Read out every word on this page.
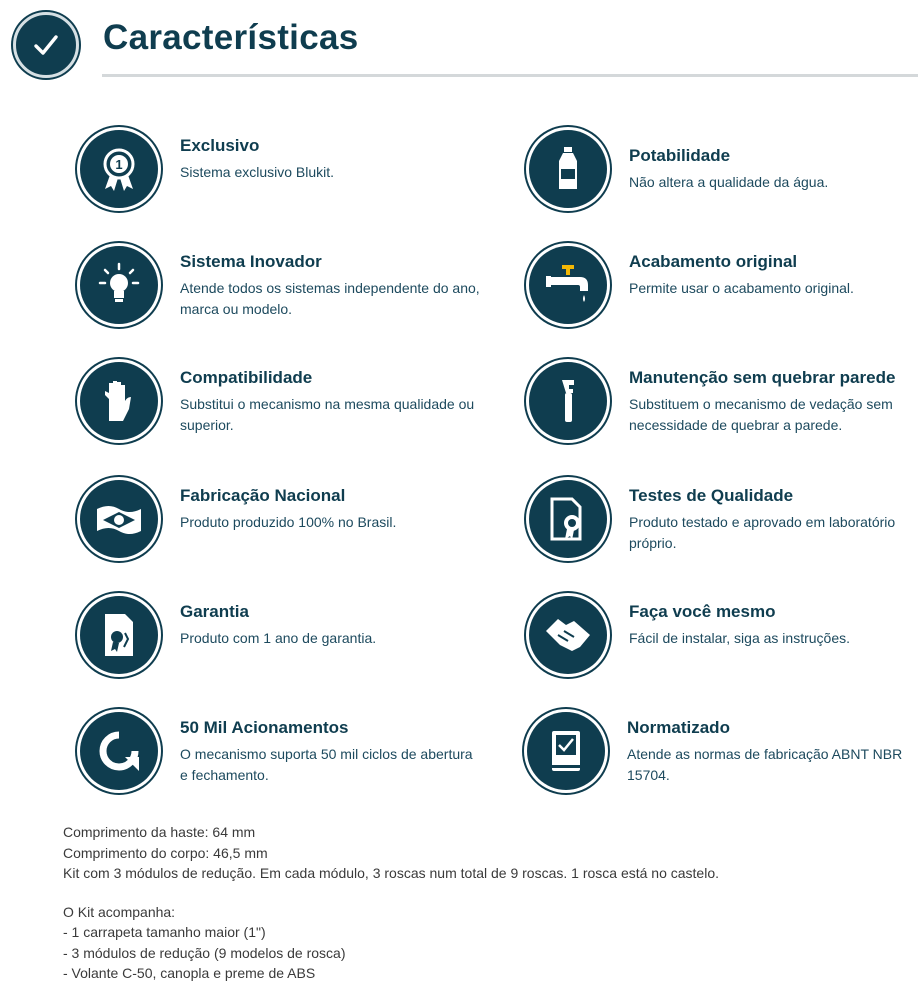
Características
1
Exclusivo
Sistema exclusivo Blukit.
Potabilidade
Não altera a qualidade da água.
Sistema Inovador
Atende todos os sistemas independente do ano, marca ou modelo.
Acabamento original
Permite usar o acabamento original.
Compatibilidade
Substitui o mecanismo na mesma qualidade ou superior.
Manutenção sem quebrar parede
Substituem o mecanismo de vedação sem necessidade de quebrar a parede.
Fabricação Nacional
Produto produzido 100% no Brasil.
Testes de Qualidade
Produto testado e aprovado em laboratório próprio.
Garantia
Produto com 1 ano de garantia.
Faça você mesmo
Fácil de instalar, siga as instruções.
50 Mil Acionamentos
O mecanismo suporta 50 mil ciclos de abertura e fechamento.
Normatizado
Atende as normas de fabricação ABNT NBR 15704.
Comprimento da haste: 64 mm
Comprimento do corpo: 46,5 mm
Kit com 3 módulos de redução. Em cada módulo, 3 roscas num total de 9 roscas. 1 rosca está no castelo.
O Kit acompanha:
- 1 carrapeta tamanho maior (1")
- 3 módulos de redução (9 modelos de rosca)
- Volante C-50, canopla e preme de ABS
